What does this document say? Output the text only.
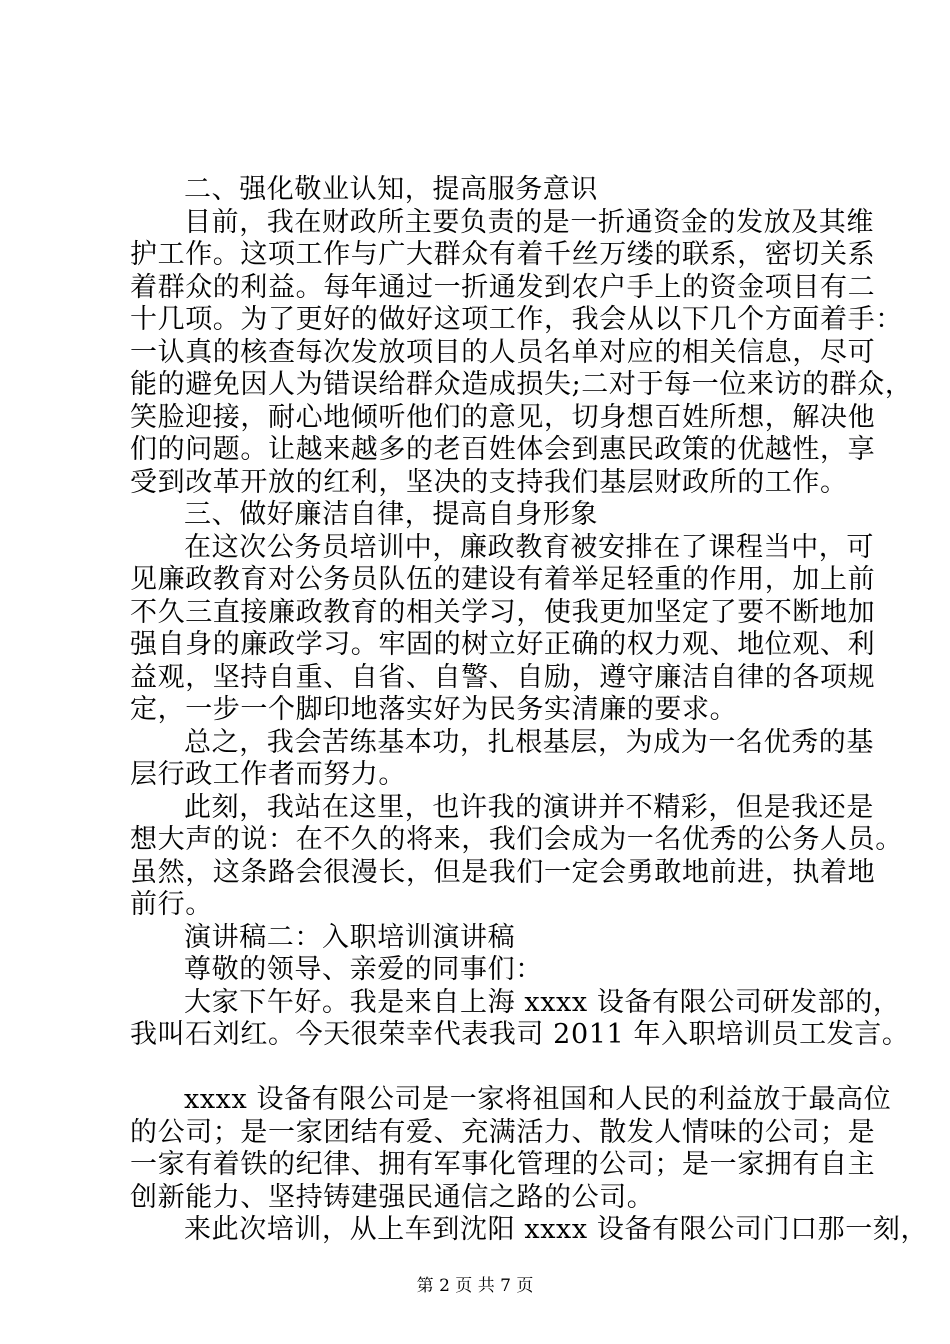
二、强化敬业认知，提高服务意识
目前，我在财政所主要负责的是一折通资金的发放及其维
护工作。这项工作与广大群众有着千丝万缕的联系，密切关系
着群众的利益。每年通过一折通发到农户手上的资金项目有二
十几项。为了更好的做好这项工作，我会从以下几个方面着手：
一认真的核查每次发放项目的人员名单对应的相关信息，尽可
能的避免因人为错误给群众造成损失;二对于每一位来访的群众，
笑脸迎接，耐心地倾听他们的意见，切身想百姓所想，解决他
们的问题。让越来越多的老百姓体会到惠民政策的优越性，享
受到改革开放的红利，坚决的支持我们基层财政所的工作。
三、做好廉洁自律，提高自身形象
在这次公务员培训中，廉政教育被安排在了课程当中，可
见廉政教育对公务员队伍的建设有着举足轻重的作用，加上前
不久三直接廉政教育的相关学习，使我更加坚定了要不断地加
强自身的廉政学习。牢固的树立好正确的权力观、地位观、利
益观，坚持自重、自省、自警、自励，遵守廉洁自律的各项规
定，一步一个脚印地落实好为民务实清廉的要求。
总之，我会苦练基本功，扎根基层，为成为一名优秀的基
层行政工作者而努力。
此刻，我站在这里，也许我的演讲并不精彩，但是我还是
想大声的说：在不久的将来，我们会成为一名优秀的公务人员。
虽然，这条路会很漫长，但是我们一定会勇敢地前进，执着地
前行。
演讲稿二：入职培训演讲稿
尊敬的领导、亲爱的同事们：
大家下午好。我是来自上海 xxxx 设备有限公司研发部的，
我叫石刘红。今天很荣幸代表我司 2011 年入职培训员工发言。
xxxx 设备有限公司是一家将祖国和人民的利益放于最高位
的公司；是一家团结有爱、充满活力、散发人情味的公司；是
一家有着铁的纪律、拥有军事化管理的公司；是一家拥有自主
创新能力、坚持铸建强民通信之路的公司。
来此次培训，从上车到沈阳 xxxx 设备有限公司门口那一刻，
第 2 页 共 7 页
